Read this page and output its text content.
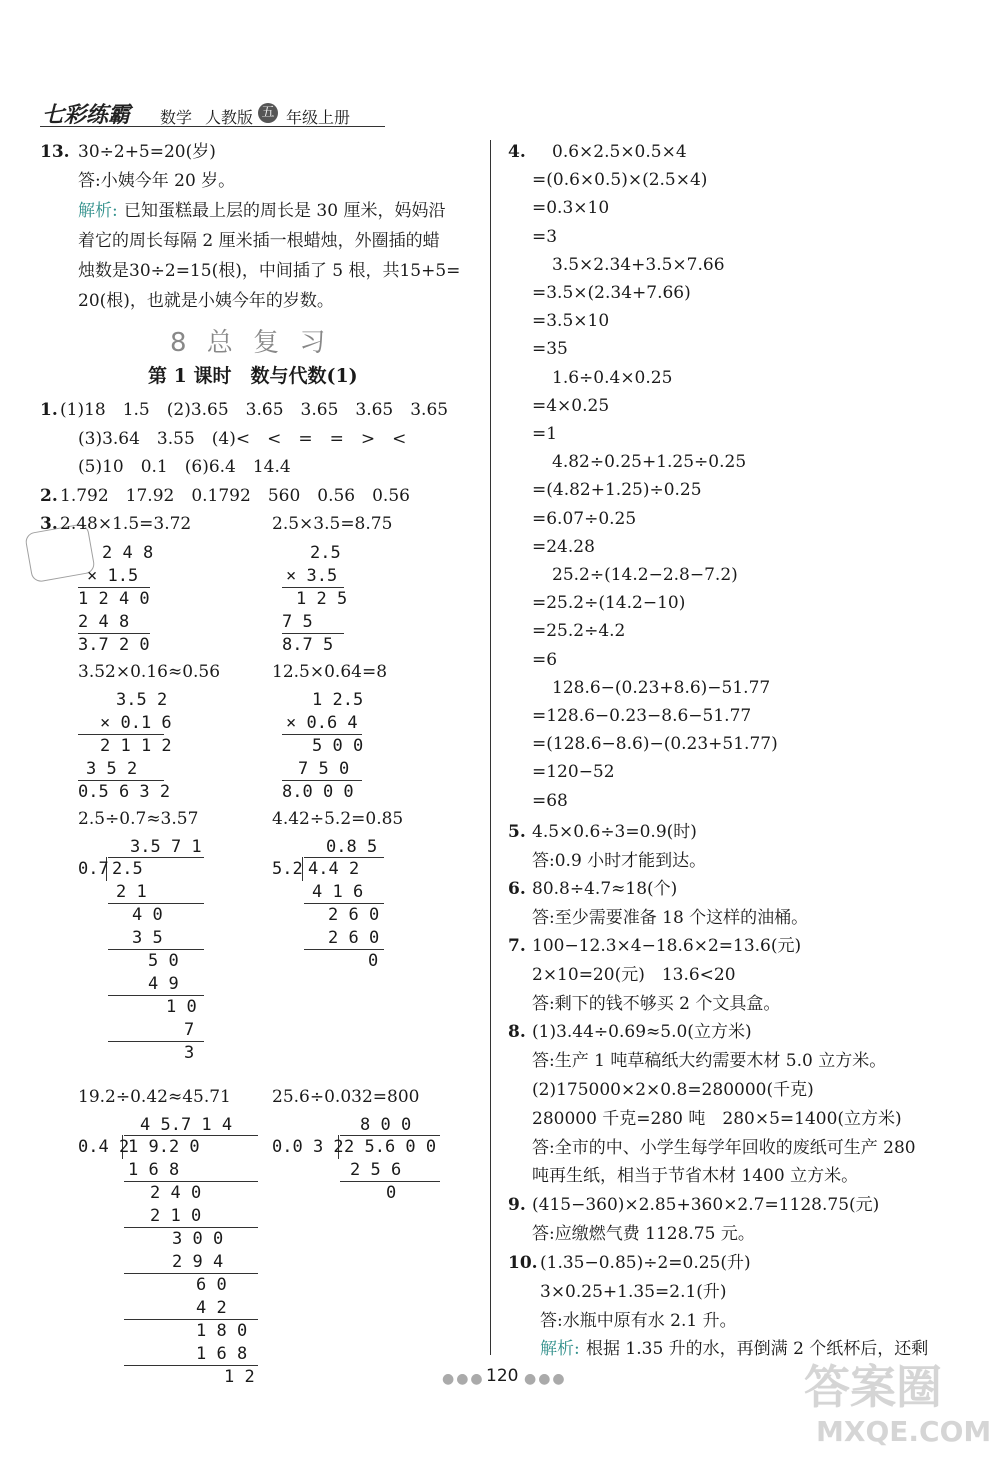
七彩练霸 数学 人教版 五 年级上册
13. 30÷2+5=20(岁)
答:小姨今年 20 岁。
解析: 已知蛋糕最上层的周长是 30 厘米，妈妈沿
着它的周长每隔 2 厘米插一根蜡烛，外圈插的蜡
烛数是30÷2=15(根)，中间插了 5 根，共15+5=
20(根)，也就是小姨今年的岁数。
8 总 复 习
第 1 课时　数与代数(1)
1. (1)18　1.5　(2)3.65̇　3.6̇5̇　3.65　3.65̇　3.65
(3)3.64　3.55　(4)<　<　=　=　>　<
(5)10　0.1　(6)6.4　14.4
2. 1.792　17.92　0.1792　560　0.56　0.56
3. 2.48×1.5=3.72	2.5×3.5=8.75
2 4 8
× 1.5
1 2 4 0
2 4 8
3.7 2 0
2.5
× 3.5
1 2 5
7 5
8.7 5
3.52×0.16≈0.56	12.5×0.64=8
3.5 2
× 0.1 6
2 1 1 2
3 5 2
0.5 6 3 2
1 2.5
× 0.6 4
5 0 0
7 5 0
8.0 0 0
2.5÷0.7≈3.57	4.42÷5.2=0.85
3.5 7 1
0.7 2.5
2 1
4 0
3 5
5 0
4 9
1 0
7
3
0.8 5
5.2 4.4 2
4 1 6
2 6 0
2 6 0
0
19.2÷0.42≈45.71 25.6÷0.032=800
4 5.7 1 4
0.4 2
1 9.2 0
1 6 8
2 4 0
2 1 0
3 0 0
2 9 4
6 0
4 2
1 8 0
1 6 8
1 2
8 0 0
0.0 3 2 2 5.6 0 0
2 5 6
0
4. 0.6×2.5×0.5×4
=(0.6×0.5)×(2.5×4)
=0.3×10
=3
3.5×2.34+3.5×7.66
=3.5×(2.34+7.66)
=3.5×10
=35
1.6÷0.4×0.25
=4×0.25
=1
4.82÷0.25+1.25÷0.25
=(4.82+1.25)÷0.25
=6.07÷0.25
=24.28
25.2÷(14.2−2.8−7.2)
=25.2÷(14.2−10)
=25.2÷4.2
=6
128.6−(0.23+8.6)−51.77
=128.6−0.23−8.6−51.77
=(128.6−8.6)−(0.23+51.77)
=120−52
=68
5. 4.5×0.6÷3=0.9(时)
答:0.9 小时才能到达。
6. 80.8÷4.7≈18(个)
答:至少需要准备 18 个这样的油桶。
7. 100−12.3×4−18.6×2=13.6(元)
2×10=20(元)　13.6<20
答:剩下的钱不够买 2 个文具盒。
8. (1)3.44÷0.69≈5.0(立方米)
答:生产 1 吨草稿纸大约需要木材 5.0 立方米。
(2)175000×2×0.8=280000(千克)
280000 千克=280 吨　280×5=1400(立方米)
答:全市的中、小学生每学年回收的废纸可生产 280
吨再生纸，相当于节省木材 1400 立方米。
9. (415−360)×2.85+360×2.7=1128.75(元)
答:应缴燃气费 1128.75 元。
10. (1.35−0.85)÷2=0.25(升)
3×0.25+1.35=2.1(升)
答:水瓶中原有水 2.1 升。
解析: 根据 1.35 升的水，再倒满 2 个纸杯后，还剩
●●● 120 ●●●	答案圈
MXQE.COM
